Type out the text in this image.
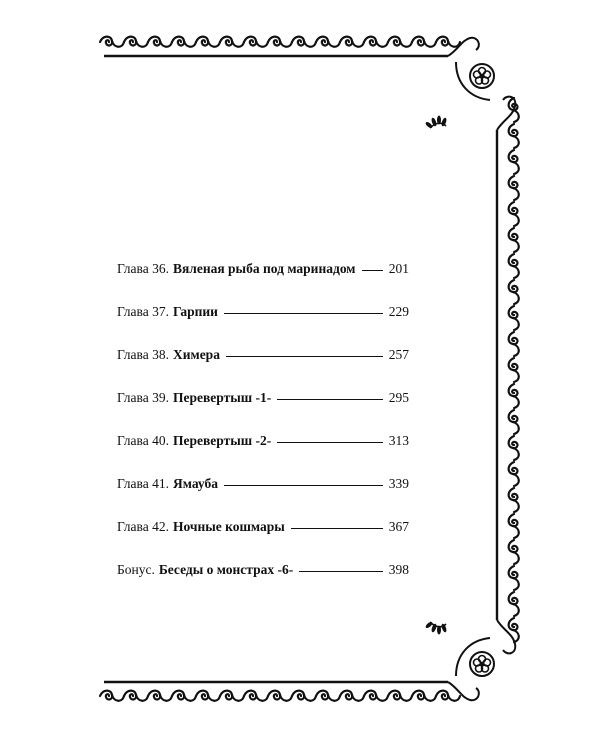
Глава 36. Вяленая рыба под маринадом 201
Глава 37. Гарпии	229
Глава 38. Химера	257
Глава 39. Перевертыш -1-	295
Глава 40. Перевертыш -2-	313
Глава 41. Ямауба	339
Глава 42. Ночные кошмары	367
Бонус. Беседы о монстрах -6-	398
